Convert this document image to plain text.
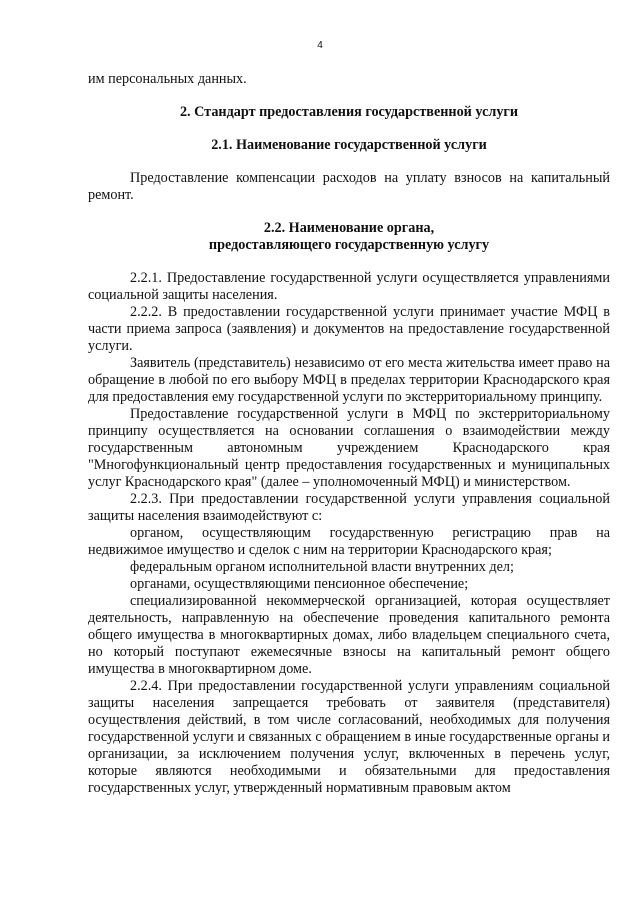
4

им персональных данных.

2. Стандарт предоставления государственной услуги

2.1. Наименование государственной услуги

Предоставление компенсации расходов на уплату взносов на капитальный ремонт.

2.2. Наименование органа,

предоставляющего государственную услугу

2.2.1. Предоставление государственной услуги осуществляется управлениями социальной защиты населения.

2.2.2. В предоставлении государственной услуги принимает участие МФЦ в части приема запроса (заявления) и документов на предоставление государственной услуги.

Заявитель (представитель) независимо от его места жительства имеет право на обращение в любой по его выбору МФЦ в пределах территории Краснодарского края для предоставления ему государственной услуги по экстерриториальному принципу.

Предоставление государственной услуги в МФЦ по экстерриториальному принципу осуществляется на основании соглашения о взаимодействии между государственным автономным учреждением Краснодарского края "Многофункциональный центр предоставления государственных и муниципальных услуг Краснодарского края" (далее – уполномоченный МФЦ) и министерством.

2.2.3. При предоставлении государственной услуги управления социальной защиты населения взаимодействуют с:

органом, осуществляющим государственную регистрацию прав на недвижимое имущество и сделок с ним на территории Краснодарского края;

федеральным органом исполнительной власти внутренних дел;

органами, осуществляющими пенсионное обеспечение;

специализированной некоммерческой организацией, которая осуществляет деятельность, направленную на обеспечение проведения капитального ремонта общего имущества в многоквартирных домах, либо владельцем специального счета, но который поступают ежемесячные взносы на капитальный ремонт общего имущества в многоквартирном доме.

2.2.4. При предоставлении государственной услуги управлениям социальной защиты населения запрещается требовать от заявителя (представителя) осуществления действий, в том числе согласований, необходимых для получения государственной услуги и связанных с обращением в иные государственные органы и организации, за исключением получения услуг, включенных в перечень услуг, которые являются необходимыми и обязательными для предоставления государственных услуг, утвержденный нормативным правовым актом
